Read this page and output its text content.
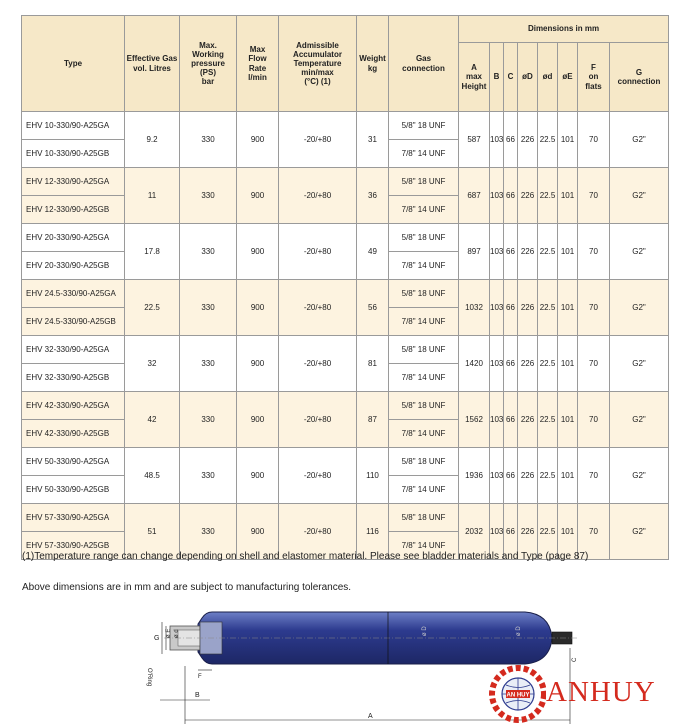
Type	Effective Gas
vol. Litres	Max.
Working
pressure
(PS)
bar	Max
Flow
Rate
l/min	Admissible
Accumulator
Temperature
min/max
(°C) (1)	Weight
kg	Gas
connection	Dimensions in mm							
							A
max
Height	B	C	øD	ød	øE	F
on
flats	G
connection
EHV 10-330/90-A25GA	9.2	330	900	-20/+80	31	5/8" 18 UNF	587	103	66	226	22.5	101	70	G2"
EHV 10-330/90-A25GB						7/8" 14 UNF								
EHV 12-330/90-A25GA	11	330	900	-20/+80	36	5/8" 18 UNF	687	103	66	226	22.5	101	70	G2"
EHV 12-330/90-A25GB						7/8" 14 UNF								
EHV 20-330/90-A25GA	17.8	330	900	-20/+80	49	5/8" 18 UNF	897	103	66	226	22.5	101	70	G2"
EHV 20-330/90-A25GB						7/8" 14 UNF								
EHV 24.5-330/90-A25GA	22.5	330	900	-20/+80	56	5/8" 18 UNF	1032	103	66	226	22.5	101	70	G2"
EHV 24.5-330/90-A25GB						7/8" 14 UNF								
EHV 32-330/90-A25GA	32	330	900	-20/+80	81	5/8" 18 UNF	1420	103	66	226	22.5	101	70	G2"
EHV 32-330/90-A25GB						7/8" 14 UNF								
EHV 42-330/90-A25GA	42	330	900	-20/+80	87	5/8" 18 UNF	1562	103	66	226	22.5	101	70	G2"
EHV 42-330/90-A25GB						7/8" 14 UNF								
EHV 50-330/90-A25GA	48.5	330	900	-20/+80	110	5/8" 18 UNF	1936	103	66	226	22.5	101	70	G2"
EHV 50-330/90-A25GB						7/8" 14 UNF								
EHV 57-330/90-A25GA	51	330	900	-20/+80	116	5/8" 18 UNF	2032	103	66	226	22.5	101	70	G2"
EHV 57-330/90-A25GB						7/8" 14 UNF								
(1)Temperature range can change depending on shell and elastomer material. Please see bladder materials and Type (page 87)
Above dimensions are in mm and are subject to manufacturing tolerances.
ø E ø d
G
F
O'Ring
B
A
C
ø D	ø D
AN HUY ANHUY
